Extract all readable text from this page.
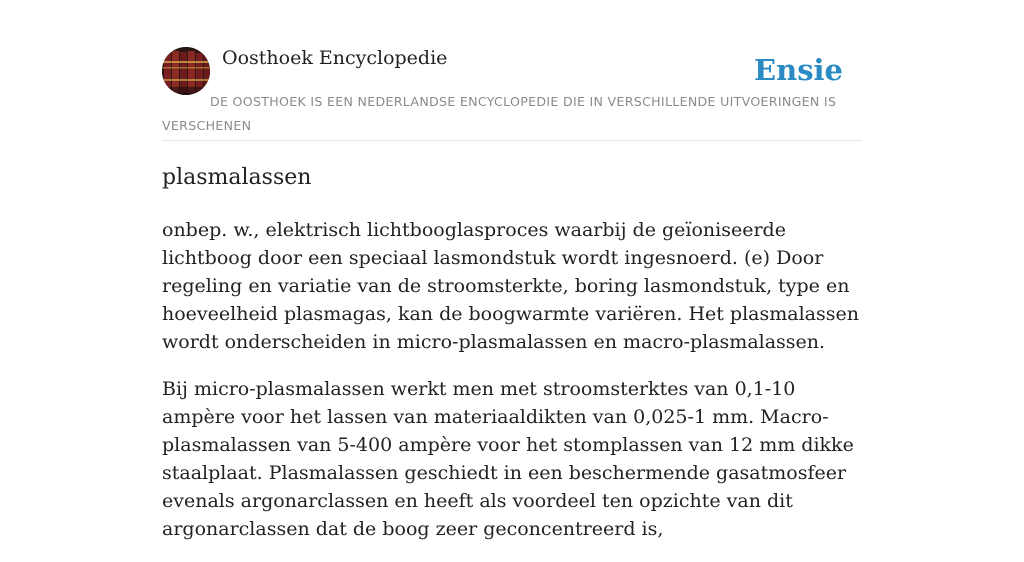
Oosthoek Encyclopedie	Ensie
DE OOSTHOEK IS EEN NEDERLANDSE ENCYCLOPEDIE DIE IN VERSCHILLENDE UITVOERINGEN IS VERSCHENEN
plasmalassen

onbep. w., elektrisch lichtbooglasproces waarbij de geïoniseerde lichtboog door een speciaal lasmondstuk wordt ingesnoerd. (e) Door regeling en variatie van de stroomsterkte, boring lasmondstuk, type en hoeveelheid plasmagas, kan de boogwarmte variëren. Het plasmalassen wordt onderscheiden in micro-plasmalassen en macro-plasmalassen.

Bij micro-plasmalassen werkt men met stroomsterktes van 0,1-10 ampère voor het lassen van materiaaldikten van 0,025-1 mm. Macro-plasmalassen van 5-400 ampère voor het stomplassen van 12 mm dikke staalplaat. Plasmalassen geschiedt in een beschermende gasatmosfeer evenals argonarclassen en heeft als voordeel ten opzichte van dit argonarclassen dat de boog zeer geconcentreerd is,
